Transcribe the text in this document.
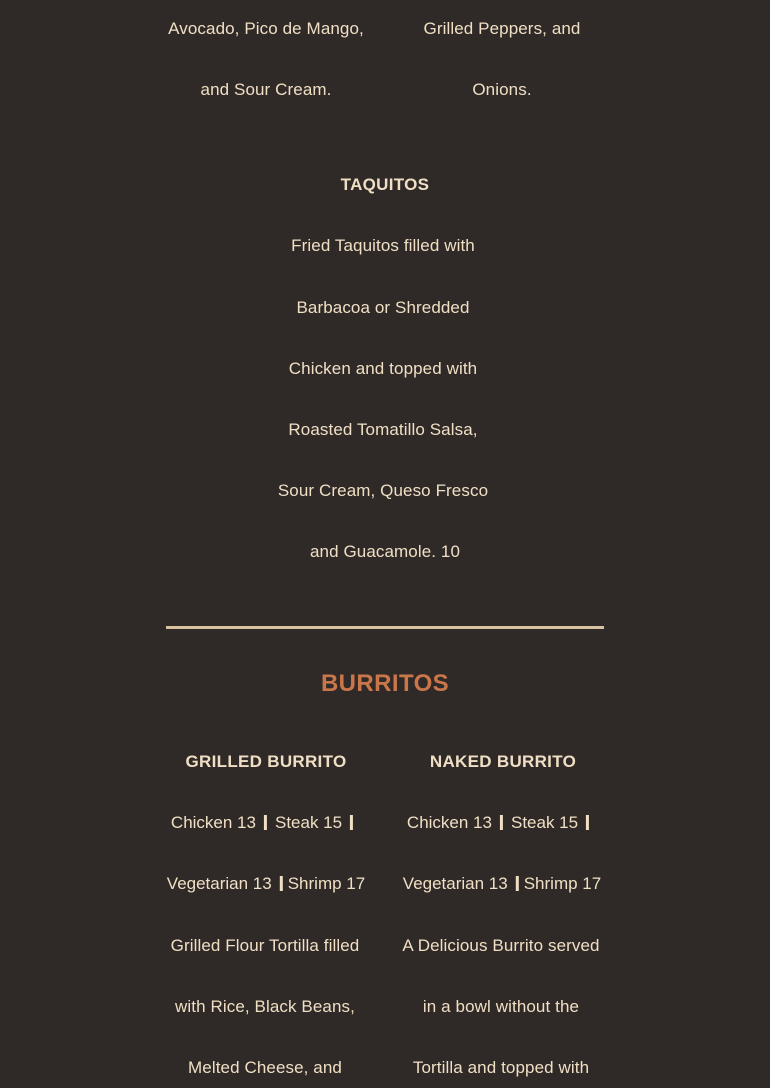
Avocado, Pico de Mango,
and Sour Cream.
Grilled Peppers, and
Onions.
TAQUITOS
Fried Taquitos filled with
Barbacoa or Shredded
Chicken and topped with
Roasted Tomatillo Salsa,
Sour Cream, Queso Fresco
and Guacamole. 10
BURRITOS
GRILLED BURRITO
Chicken 13 Steak 15
Vegetarian 13 Shrimp 17
Grilled Flour Tortilla filled
with Rice, Black Beans,
Melted Cheese, and
NAKED BURRITO
Chicken 13 Steak 15
Vegetarian 13 Shrimp 17
A Delicious Burrito served
in a bowl without the
Tortilla and topped with
